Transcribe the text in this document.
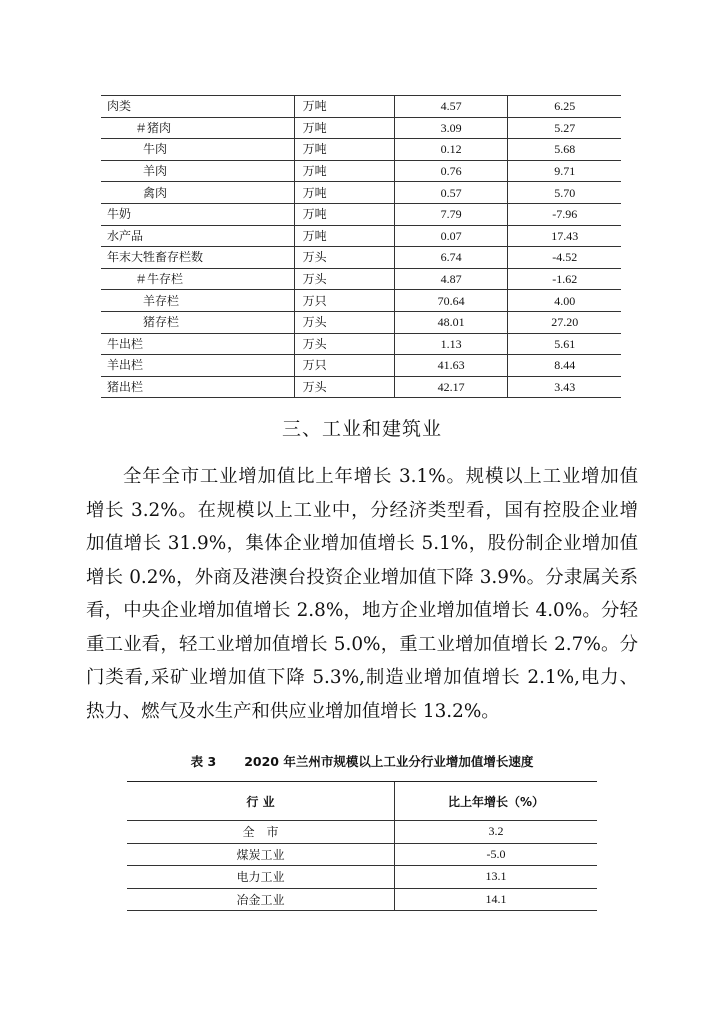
肉类	万吨	4.57	6.25
＃猪肉	万吨	3.09	5.27
牛肉	万吨	0.12	5.68
羊肉	万吨	0.76	9.71
禽肉	万吨	0.57	5.70
牛奶	万吨	7.79	-7.96
水产品	万吨	0.07	17.43
年末大牲畜存栏数	万头	6.74	-4.52
＃牛存栏	万头	4.87	-1.62
羊存栏	万只	70.64	4.00
猪存栏	万头	48.01	27.20
牛出栏	万头	1.13	5.61
羊出栏	万只	41.63	8.44
猪出栏	万头	42.17	3.43
三、工业和建筑业
全年全市工业增加值比上年增长 3.1%。规模以上工业增加值
增长 3.2%。在规模以上工业中，分经济类型看，国有控股企业增
加值增长 31.9%，集体企业增加值增长 5.1%，股份制企业增加值
增长 0.2%，外商及港澳台投资企业增加值下降 3.9%。分隶属关系
看，中央企业增加值增长 2.8%，地方企业增加值增长 4.0%。分轻
重工业看，轻工业增加值增长 5.0%，重工业增加值增长 2.7%。分
门类看,采矿业增加值下降 5.3%,制造业增加值增长 2.1%,电力、
热力、燃气及水生产和供应业增加值增长 13.2%。
表 3 2020 年兰州市规模以上工业分行业增加值增长速度
行 业	比上年增长（%）
全　市	3.2
煤炭工业	-5.0
电力工业	13.1
冶金工业	14.1
